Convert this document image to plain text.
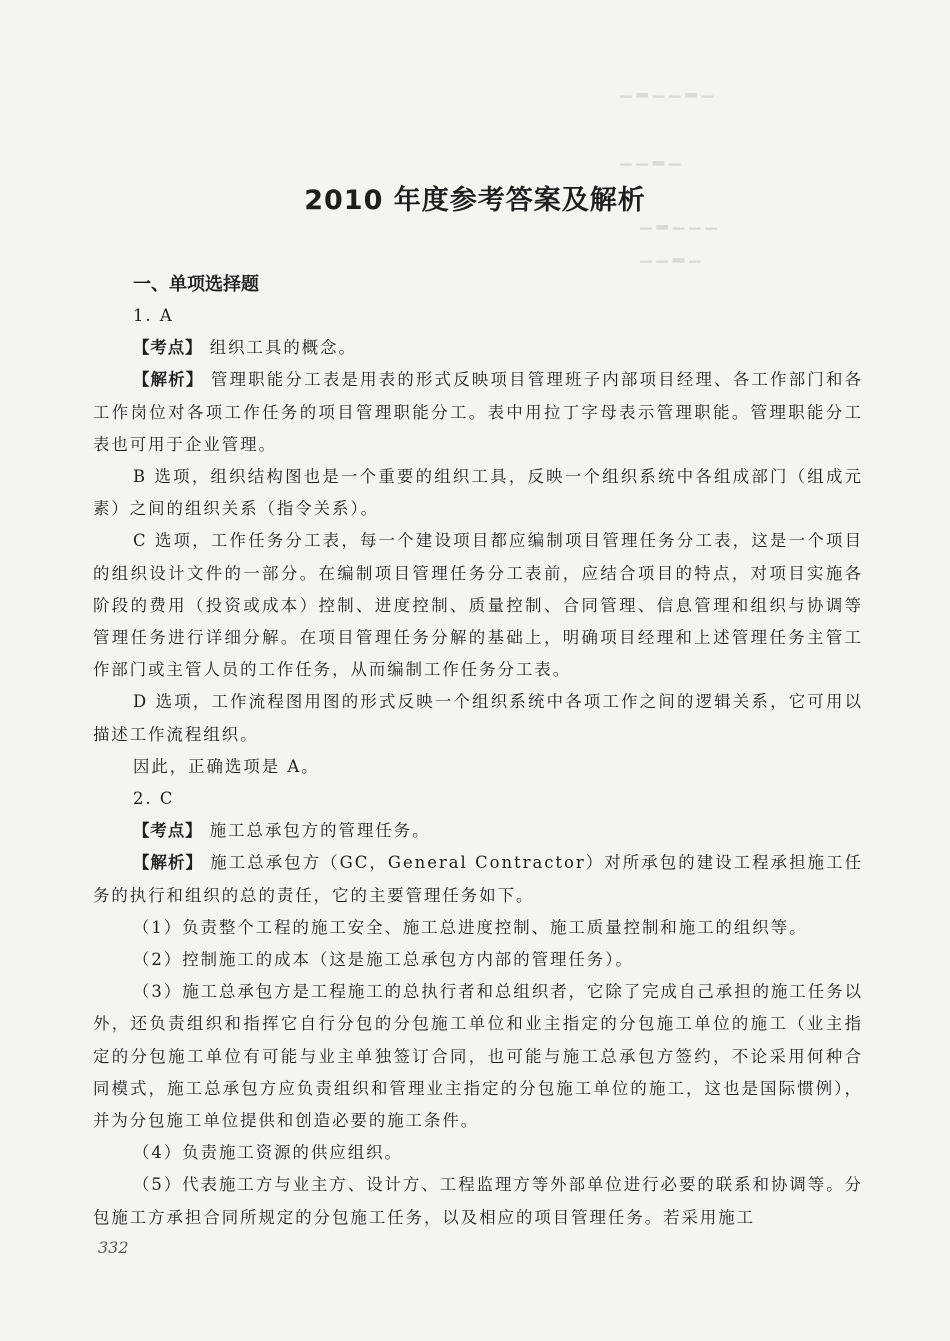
▁ ▂ ▁ ▁ ▂ ▁
▁ ▁ ▂ ▁
▁ ▂ ▁ ▁ ▁
▁ ▁ ▂ ▁
2010 年度参考答案及解析
一、单项选择题

1. A

【考点】 组织工具的概念。

【解析】 管理职能分工表是用表的形式反映项目管理班子内部项目经理、各工作部门和各工作岗位对各项工作任务的项目管理职能分工。表中用拉丁字母表示管理职能。管理职能分工表也可用于企业管理。

B 选项，组织结构图也是一个重要的组织工具，反映一个组织系统中各组成部门（组成元素）之间的组织关系（指令关系）。

C 选项，工作任务分工表，每一个建设项目都应编制项目管理任务分工表，这是一个项目的组织设计文件的一部分。在编制项目管理任务分工表前，应结合项目的特点，对项目实施各阶段的费用（投资或成本）控制、进度控制、质量控制、合同管理、信息管理和组织与协调等管理任务进行详细分解。在项目管理任务分解的基础上，明确项目经理和上述管理任务主管工作部门或主管人员的工作任务，从而编制工作任务分工表。

D 选项，工作流程图用图的形式反映一个组织系统中各项工作之间的逻辑关系，它可用以描述工作流程组织。

因此，正确选项是 A。

2. C

【考点】 施工总承包方的管理任务。

【解析】 施工总承包方（GC，General Contractor）对所承包的建设工程承担施工任务的执行和组织的总的责任，它的主要管理任务如下。

（1）负责整个工程的施工安全、施工总进度控制、施工质量控制和施工的组织等。

（2）控制施工的成本（这是施工总承包方内部的管理任务）。

（3）施工总承包方是工程施工的总执行者和总组织者，它除了完成自己承担的施工任务以外，还负责组织和指挥它自行分包的分包施工单位和业主指定的分包施工单位的施工（业主指定的分包施工单位有可能与业主单独签订合同，也可能与施工总承包方签约，不论采用何种合同模式，施工总承包方应负责组织和管理业主指定的分包施工单位的施工，这也是国际惯例），并为分包施工单位提供和创造必要的施工条件。

（4）负责施工资源的供应组织。

（5）代表施工方与业主方、设计方、工程监理方等外部单位进行必要的联系和协调等。分包施工方承担合同所规定的分包施工任务，以及相应的项目管理任务。若采用施工

332
